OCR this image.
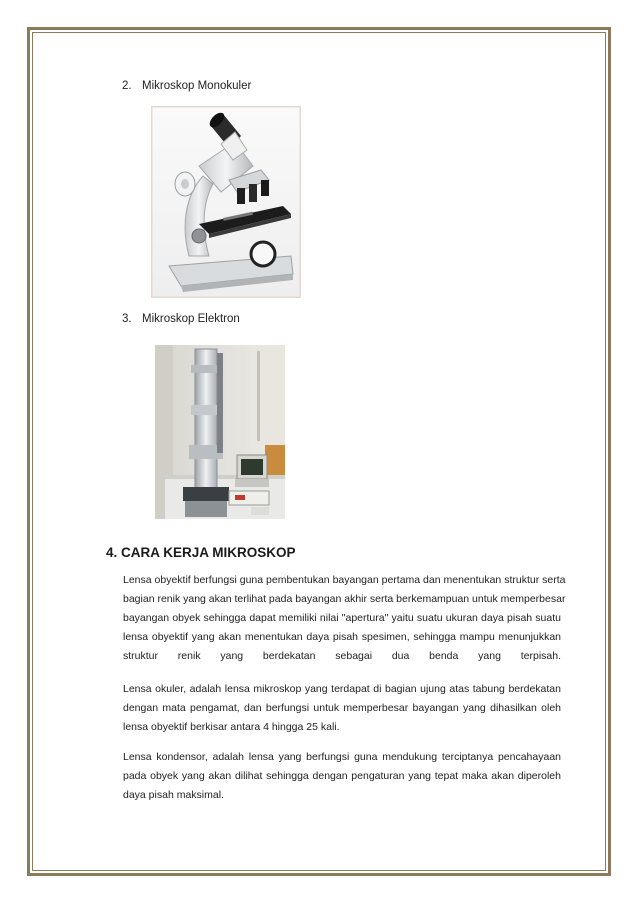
2. Mikroskop Monokuler
3. Mikroskop Elektron
4. CARA KERJA MIKROSKOP
Lensa obyektif berfungsi guna pembentukan bayangan pertama dan menentukan struktur serta
bagian renik yang akan terlihat pada bayangan akhir serta berkemampuan untuk memperbesar
bayangan obyek sehingga dapat memiliki nilai "apertura" yaitu suatu ukuran daya pisah suatu
lensa obyektif yang akan menentukan daya pisah spesimen, sehingga mampu menunjukkan
struktur renik yang berdekatan sebagai dua benda yang terpisah.
Lensa okuler, adalah lensa mikroskop yang terdapat di bagian ujung atas tabung berdekatan
dengan mata pengamat, dan berfungsi untuk memperbesar bayangan yang dihasilkan oleh
lensa obyektif berkisar antara 4 hingga 25 kali.
Lensa kondensor, adalah lensa yang berfungsi guna mendukung terciptanya pencahayaan
pada obyek yang akan dilihat sehingga dengan pengaturan yang tepat maka akan diperoleh
daya pisah maksimal.
